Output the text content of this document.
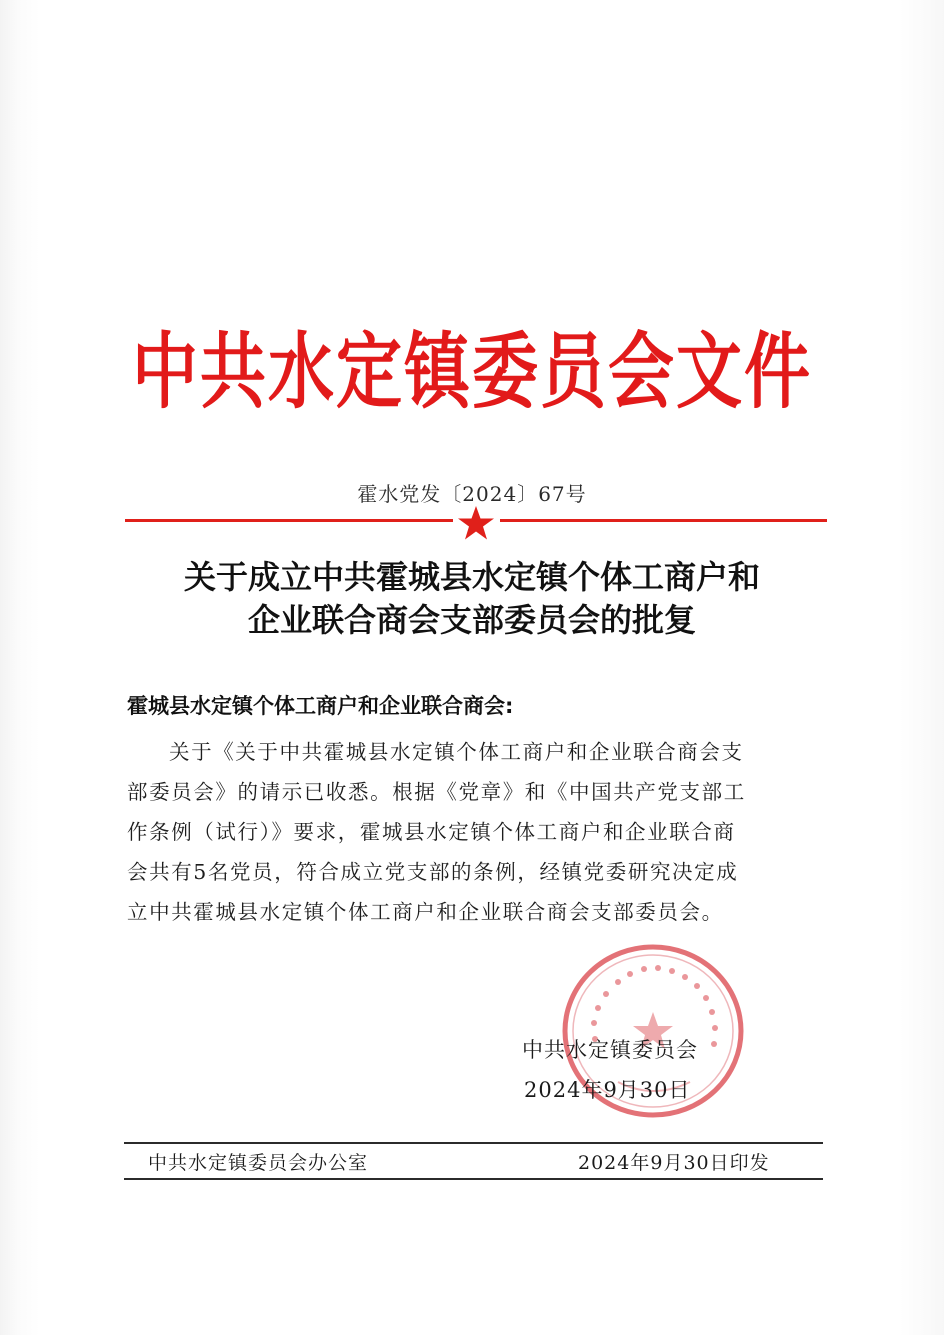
中共水定镇委员会文件
霍水党发〔2024〕67号
关于成立中共霍城县水定镇个体工商户和
企业联合商会支部委员会的批复
霍城县水定镇个体工商户和企业联合商会:
关于《关于中共霍城县水定镇个体工商户和企业联合商会支
部委员会》的请示已收悉。根据《党章》和《中国共产党支部工
作条例（试行）》要求，霍城县水定镇个体工商户和企业联合商
会共有5名党员，符合成立党支部的条例，经镇党委研究决定成
立中共霍城县水定镇个体工商户和企业联合商会支部委员会。
中共水定镇委员会
2024年9月30日
中共水定镇委员会办公室	2024年9月30日印发
